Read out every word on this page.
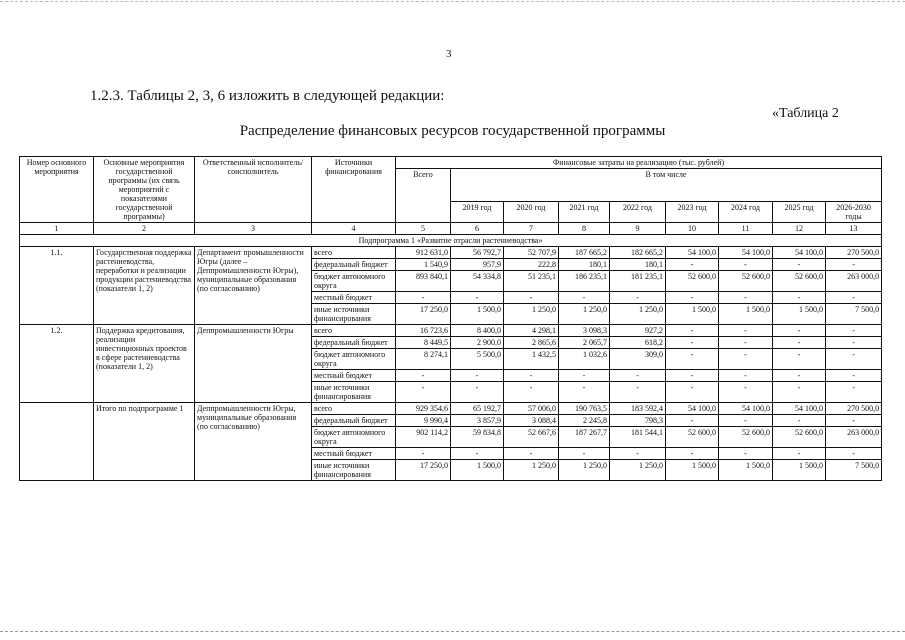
3
1.2.3. Таблицы 2, 3, 6 изложить в следующей редакции:
«Таблица 2
Распределение финансовых ресурсов государственной программы
Номер основного мероприятия	Основные мероприятия государственной программы (их связь мероприятий с показателями государственной программы)	Ответственный исполнитель/ соисполнитель	Источники финансирования	Финансовые затраты на реализацию (тыс. рублей)								
				Всего	В том числе							
					2019 год	2020 год	2021 год	2022 год	2023 год	2024 год	2025 год	2026-2030 годы
1	2	3	4	5	6	7	8	9	10	11	12	13
Подпрограмма 1 «Развитие отрасли растениеводства»												
1.1.	Государственная поддержка растениеводства, переработки и реализации продукции растениеводства (показатели 1, 2)	Департамент промышленности Югры (далее – Деппромышленности Югры), муниципальные образования (по согласованию)	всего	912 631,0	56 792,7	52 707,9	187 665,2	182 665,2	54 100,0	54 100,0	54 100,0	270 500,0
			федеральный бюджет	1 540,9	957,9	222,8	180,1	180,1	-	-	-	-
			бюджет автономного округа	893 840,1	54 334,8	51 235,1	186 235,1	181 235,1	52 600,0	52 600,0	52 600,0	263 000,0
			местный бюджет	-	-	-	-	-	-	-	-	-
			иные источники финансирования	17 250,0	1 500,0	1 250,0	1 250,0	1 250,0	1 500,0	1 500,0	1 500,0	7 500,0
1.2.	Поддержка кредитования, реализации инвестиционных проектов в сфере растениеводства (показатели 1, 2)	Деппромышленности Югры	всего	16 723,6	8 400,0	4 298,1	3 098,3	927,2	-	-	-	-
			федеральный бюджет	8 449,5	2 900,0	2 865,6	2 065,7	618,2	-	-	-	-
			бюджет автономного округа	8 274,1	5 500,0	1 432,5	1 032,6	309,0	-	-	-	-
			местный бюджет	-	-	-	-	-	-	-	-	-
			иные источники финансирования	-	-	-	-	-	-	-	-	-
	Итого по подпрограмме 1	Деппромышленности Югры, муниципальные образования (по согласованию)	всего	929 354,6	65 192,7	57 006,0	190 763,5	183 592,4	54 100,0	54 100,0	54 100,0	270 500,0
			федеральный бюджет	9 990,4	3 857,9	3 088,4	2 245,8	798,3	-	-	-	-
			бюджет автономного округа	902 114,2	59 834,8	52 667,6	187 267,7	181 544,1	52 600,0	52 600,0	52 600,0	263 000,0
			местный бюджет	-	-	-	-	-	-	-	-	-
			иные источники финансирования	17 250,0	1 500,0	1 250,0	1 250,0	1 250,0	1 500,0	1 500,0	1 500,0	7 500,0
